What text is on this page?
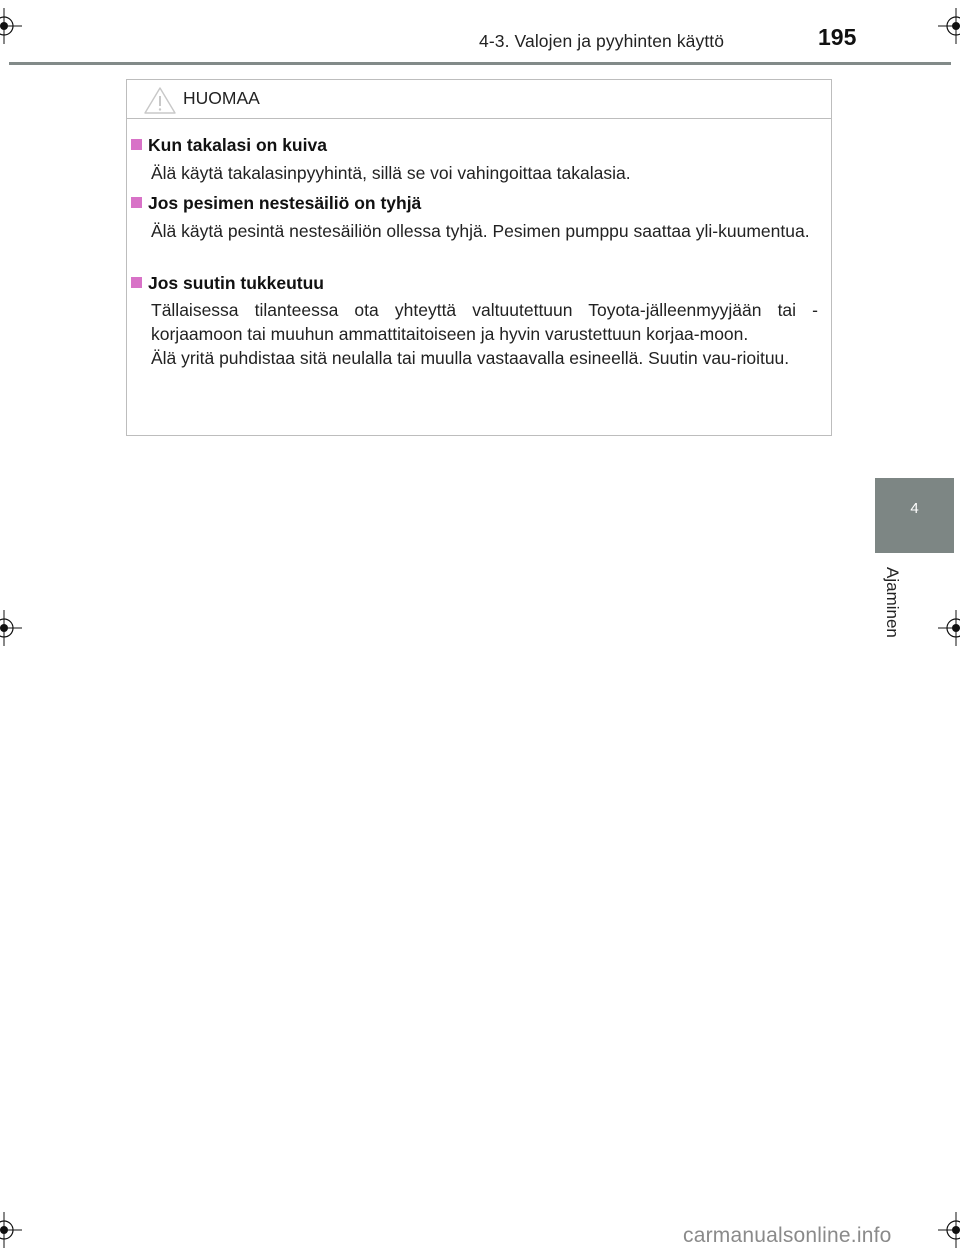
4-3. Valojen ja pyyhinten käyttö	195
HUOMAA
Kun takalasi on kuiva
Älä käytä takalasinpyyhintä, sillä se voi vahingoittaa takalasia.
Jos pesimen nestesäiliö on tyhjä
Älä käytä pesintä nestesäiliön ollessa tyhjä. Pesimen pumppu saattaa yli-kuumentua.
Jos suutin tukkeutuu
Tällaisessa tilanteessa ota yhteyttä valtuutettuun Toyota-jälleenmyyjään tai -korjaamoon tai muuhun ammattitaitoiseen ja hyvin varustettuun korjaa-moon.
Älä yritä puhdistaa sitä neulalla tai muulla vastaavalla esineellä. Suutin vau-rioituu.
4
Ajaminen
carmanualsonline.info
